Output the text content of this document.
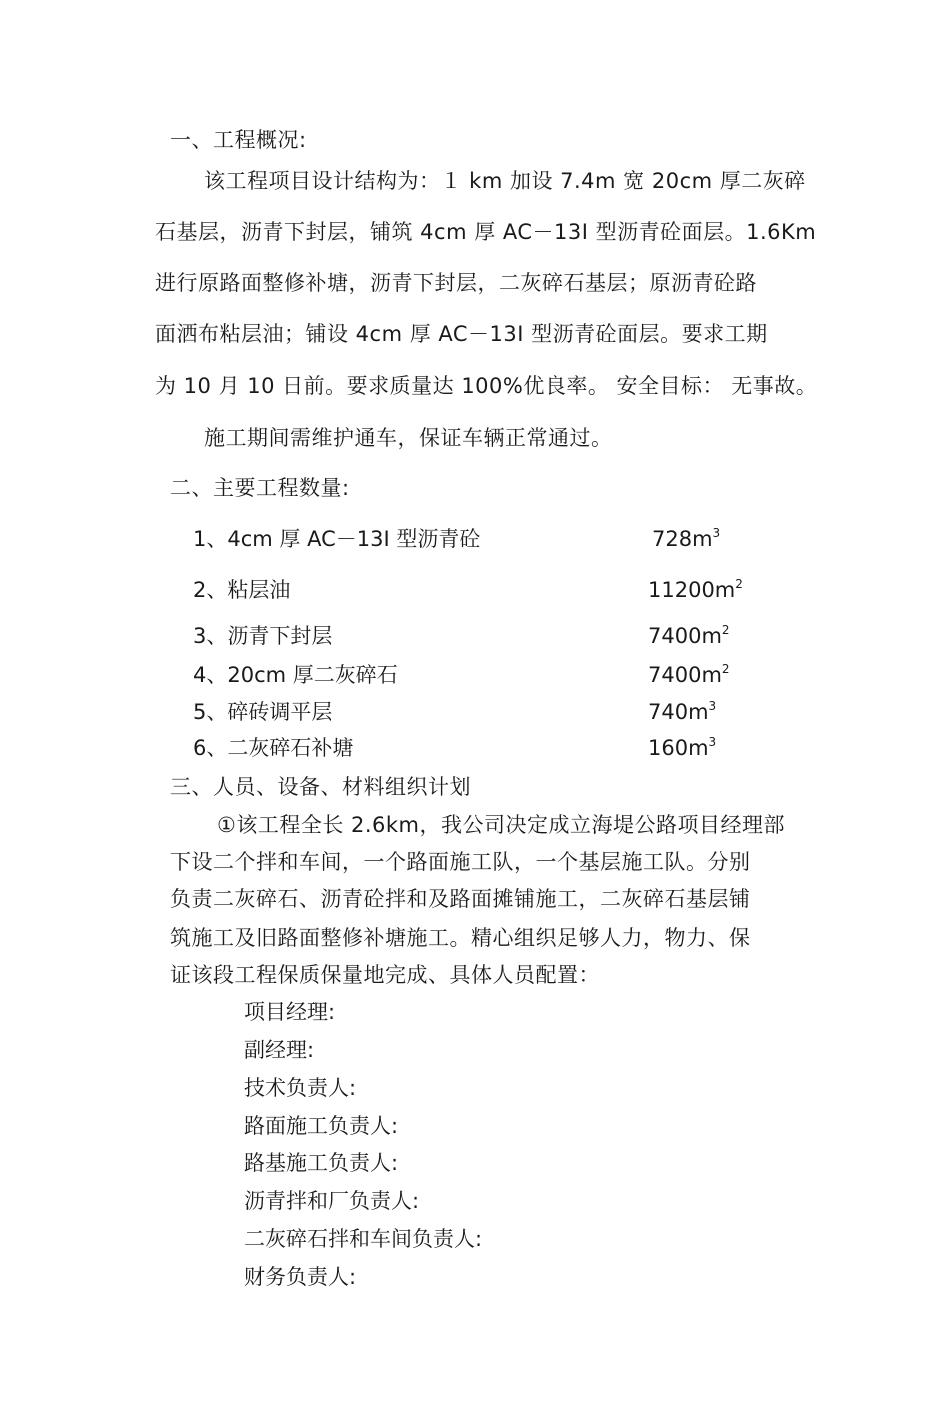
一、工程概况:
该工程项目设计结构为：１ km 加设 7.4m 宽 20cm 厚二灰碎
石基层，沥青下封层，铺筑 4cm 厚 AC－13I 型沥青砼面层。1.6Km
进行原路面整修补塘，沥青下封层，二灰碎石基层；原沥青砼路
面洒布粘层油；铺设 4cm 厚 AC－13I 型沥青砼面层。要求工期
为 10 月 10 日前。要求质量达 100%优良率。 安全目标： 无事故。
施工期间需维护通车，保证车辆正常通过。
二、主要工程数量:
1、4cm 厚 AC－13I 型沥青砼	$728m^3$
2、粘层油	$11200m^2$
3、沥青下封层	$7400m^2$
4、20cm 厚二灰碎石	$7400m^2$
5、碎砖调平层	$740m^3$
6、二灰碎石补塘	$160m^3$
三、人员、设备、材料组织计划
①该工程全长 2.6km，我公司决定成立海堤公路项目经理部
下设二个拌和车间，一个路面施工队，一个基层施工队。分别
负责二灰碎石、沥青砼拌和及路面摊铺施工，二灰碎石基层铺
筑施工及旧路面整修补塘施工。精心组织足够人力，物力、保
证该段工程保质保量地完成、具体人员配置：
项目经理:
副经理:
技术负责人:
路面施工负责人:
路基施工负责人:
沥青拌和厂负责人:
二灰碎石拌和车间负责人:
财务负责人:
